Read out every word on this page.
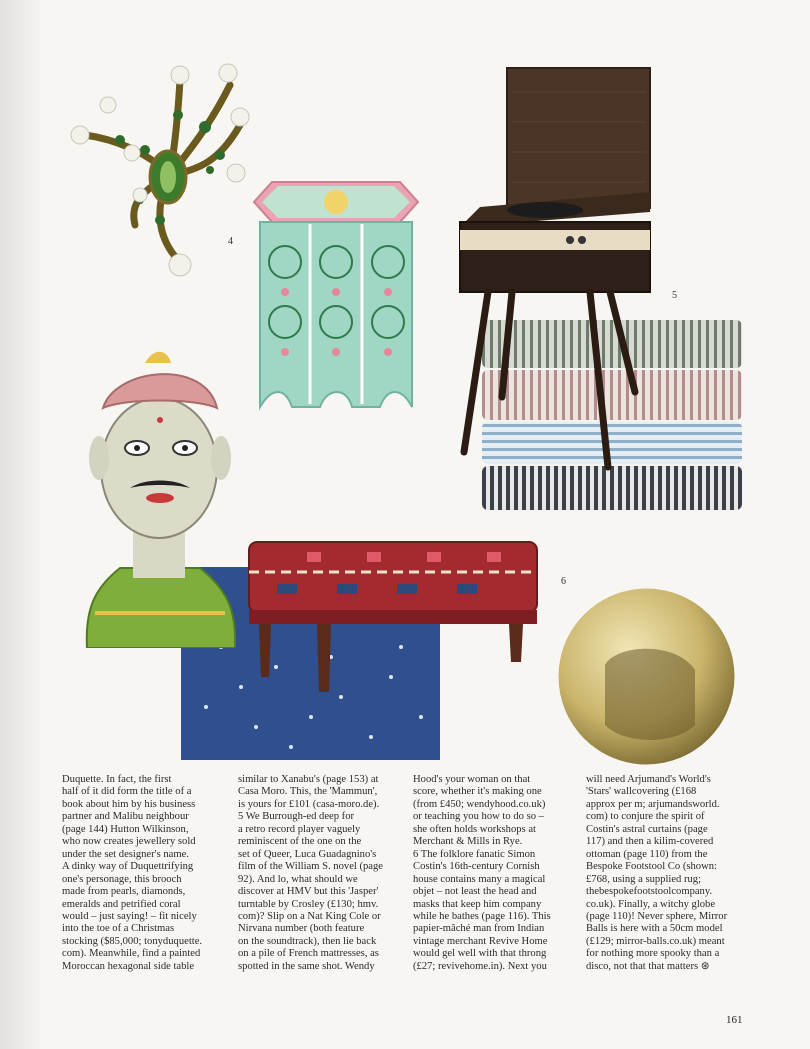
4
5
6
Duquette. In fact, the first
half of it did form the title of a
book about him by his business
partner and Malibu neighbour
(page 144) Hutton Wilkinson,
who now creates jewellery sold
under the set designer's name.
A dinky way of Duquettrifying
one's personage, this brooch
made from pearls, diamonds,
emeralds and petrified coral
would – just saying! – fit nicely
into the toe of a Christmas
stocking ($85,000; tonyduquette.
com). Meanwhile, find a painted
Moroccan hexagonal side table
similar to Xanabu's (page 153) at
Casa Moro. This, the 'Mammun',
is yours for £101 (casa-moro.de).
5 We Burrough-ed deep for
a retro record player vaguely
reminiscent of the one on the
set of Queer, Luca Guadagnino's
film of the William S. novel (page
92). And lo, what should we
discover at HMV but this 'Jasper'
turntable by Crosley (£130; hmv.
com)? Slip on a Nat King Cole or
Nirvana number (both feature
on the soundtrack), then lie back
on a pile of French mattresses, as
spotted in the same shot. Wendy
Hood's your woman on that
score, whether it's making one
(from £450; wendyhood.co.uk)
or teaching you how to do so –
she often holds workshops at
Merchant & Mills in Rye.
6 The folklore fanatic Simon
Costin's 16th-century Cornish
house contains many a magical
objet – not least the head and
masks that keep him company
while he bathes (page 116). This
papier-mâché man from Indian
vintage merchant Revive Home
would gel well with that throng
(£27; revivehome.in). Next you
will need Arjumand's World's
'Stars' wallcovering (£168
approx per m; arjumandsworld.
com) to conjure the spirit of
Costin's astral curtains (page
117) and then a kilim-covered
ottoman (page 110) from the
Bespoke Footstool Co (shown:
£768, using a supplied rug;
thebespokefootstoolcompany.
co.uk). Finally, a witchy globe
(page 110)! Never sphere, Mirror
Balls is here with a 50cm model
(£129; mirror-balls.co.uk) meant
for nothing more spooky than a
disco, not that that matters ⊛
161
